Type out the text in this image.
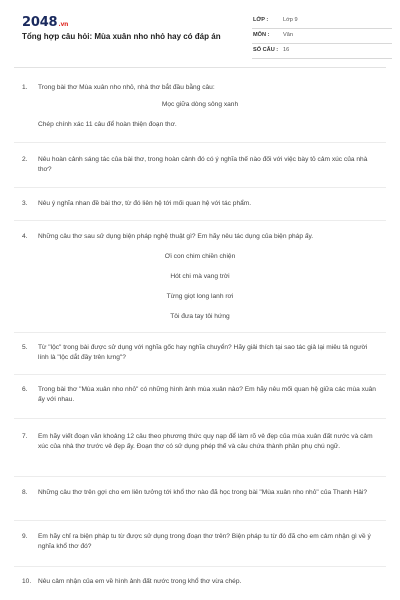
2048.vn
Tổng hợp câu hỏi: Mùa xuân nho nhỏ hay có đáp án
LỚP :	Lớp 9
MÔN : Văn
SỐ CÂU : 16
1. Trong bài thơ Mùa xuân nho nhỏ, nhà thơ bắt đầu bằng câu:
Mọc giữa dòng sông xanh
Chép chính xác 11 câu để hoàn thiện đoạn thơ.
2. Nêu hoàn cảnh sáng tác của bài thơ, trong hoàn cảnh đó có ý nghĩa thế nào đối với việc bày tỏ cảm xúc của nhà thơ?
3. Nêu ý nghĩa nhan đề bài thơ, từ đó liên hệ tới mối quan hệ với tác phẩm.
4. Những câu thơ sau sử dụng biện pháp nghệ thuật gì? Em hãy nêu tác dụng của biện pháp ấy.
Ơi con chim chiền chiện
Hót chi mà vang trời
Từng giọt long lanh rơi
Tôi đưa tay tôi hứng
5. Từ "lộc" trong bài được sử dụng với nghĩa gốc hay nghĩa chuyển? Hãy giải thích tại sao tác giả lại miêu tả người lính là "lộc dắt đầy trên lưng"?
6. Trong bài thơ "Mùa xuân nho nhỏ" có những hình ảnh mùa xuân nào? Em hãy nêu mối quan hệ giữa các mùa xuân ấy với nhau.
7. Em hãy viết đoạn văn khoảng 12 câu theo phương thức quy nạp để làm rõ vẻ đẹp của mùa xuân đất nước và cảm xúc của nhà thơ trước vẻ đẹp ấy. Đoạn thơ có sử dụng phép thế và câu chứa thành phần phụ chú ngữ.
8. Những câu thơ trên gợi cho em liên tưởng tới khổ thơ nào đã học trong bài "Mùa xuân nho nhỏ" của Thanh Hải?
9. Em hãy chỉ ra biện pháp tu từ được sử dụng trong đoạn thơ trên? Biện pháp tu từ đó đã cho em cảm nhận gì về ý nghĩa khổ thơ đó?
10. Nêu cảm nhận của em về hình ảnh đất nước trong khổ thơ vừa chép.
